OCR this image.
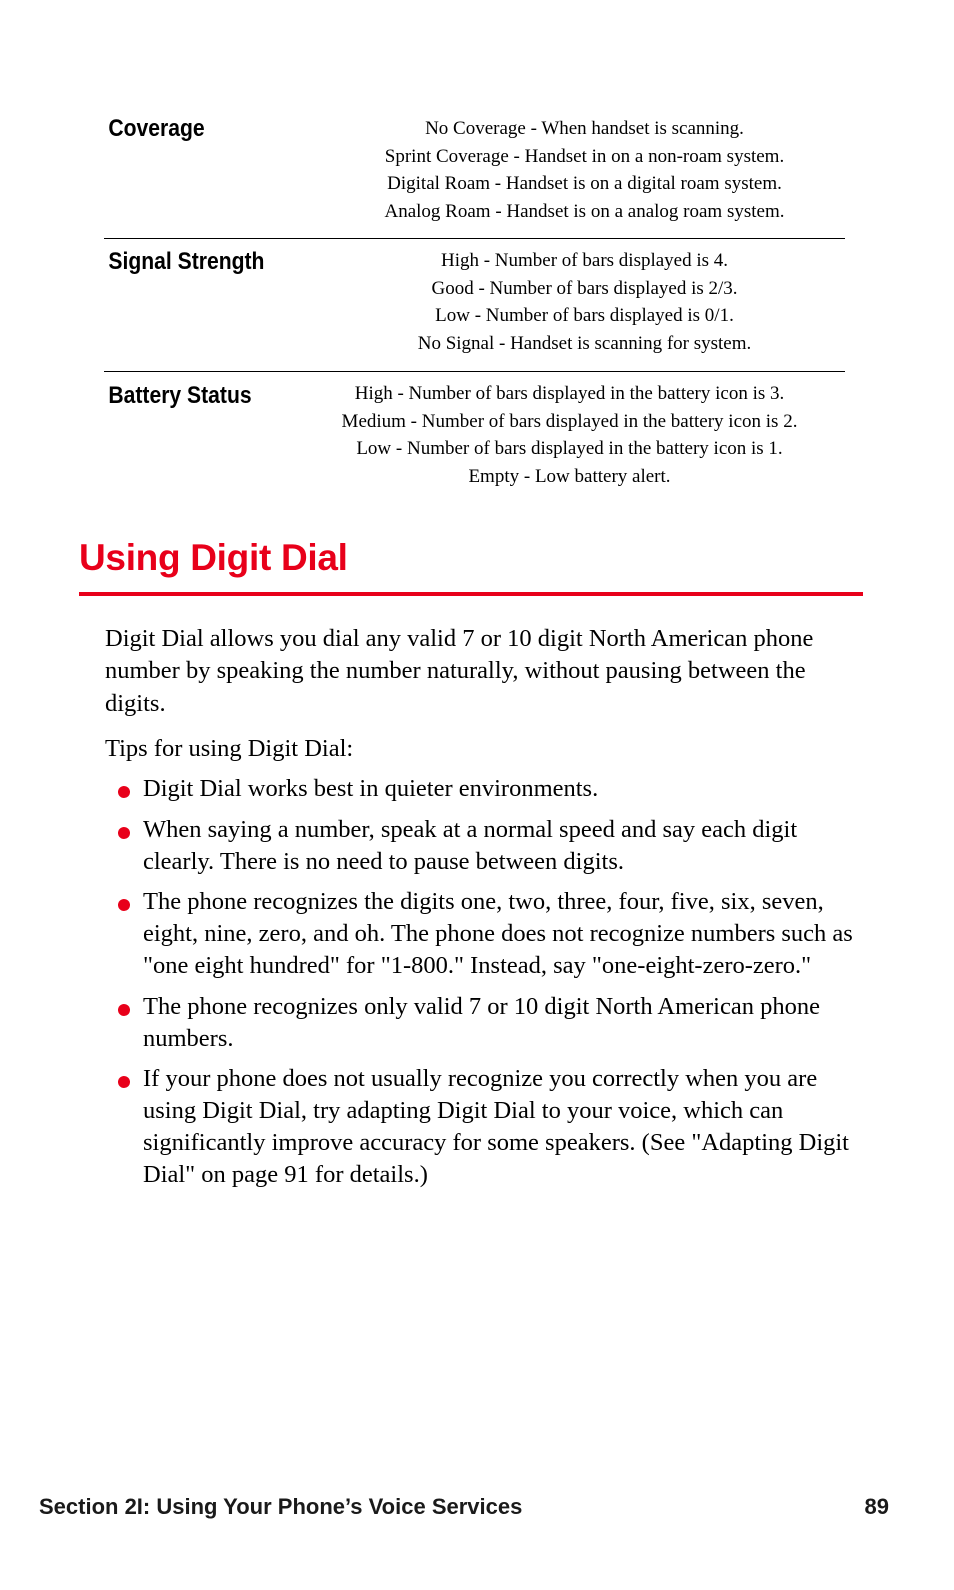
Coverage	No Coverage - When handset is scanning.
Sprint Coverage - Handset in on a non-roam system.
Digital Roam - Handset is on a digital roam system.
Analog Roam - Handset is on a analog roam system.
Signal Strength	High - Number of bars displayed is 4.
Good - Number of bars displayed is 2/3.
Low - Number of bars displayed is 0/1.
No Signal - Handset is scanning for system.
Battery Status	High - Number of bars displayed in the battery icon is 3.
Medium - Number of bars displayed in the battery icon is 2.
Low - Number of bars displayed in the battery icon is 1.
Empty - Low battery alert.
Using Digit Dial

Digit Dial allows you dial any valid 7 or 10 digit North American phone number by speaking the number naturally, without pausing between the digits.

Tips for using Digit Dial:

Digit Dial works best in quieter environments.
When saying a number, speak at a normal speed and say each digit clearly. There is no need to pause between digits.
The phone recognizes the digits one, two, three, four, five, six, seven, eight, nine, zero, and oh. The phone does not recognize numbers such as "one eight hundred" for "1-800." Instead, say "one-eight-zero-zero."
The phone recognizes only valid 7 or 10 digit North American phone numbers.
If your phone does not usually recognize you correctly when you are using Digit Dial, try adapting Digit Dial to your voice, which can significantly improve accuracy for some speakers. (See "Adapting Digit Dial" on page 91 for details.)
Section 2I: Using Your Phone’s Voice Services	89
